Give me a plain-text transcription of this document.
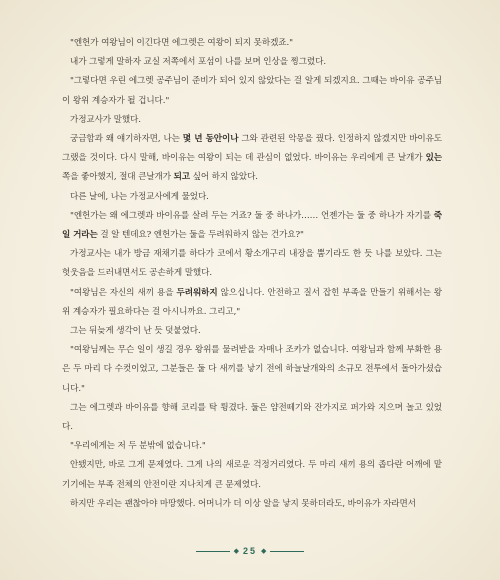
"엔헌가 여왕님이 이긴다면 에그렛은 여왕이 되지 못하겠죠."

내가 그렇게 말하자 교실 저쪽에서 포섬이 나를 보며 인상을 찡그렸다.

"그렇다면 우린 에그렛 공주님이 준비가 되어 있지 않았다는 걸 알게 되겠지요. 그때는 바이유 공주님이 왕위 계승자가 될 겁니다."

가정교사가 말했다.

궁금함과 왜 얘기하자면, 나는 몇 년 동안이나 그와 관련된 악몽을 꿨다. 인정하지 않겠지만 바이유도 그랬을 것이다. 다시 말해, 바이유는 여왕이 되는 데 관심이 없었다. 바이유는 우리에게 큰 날개가 있는 쪽을 좋아했지, 절대 큰날개가 되고 싶어 하지 않았다.

다른 날에, 나는 가정교사에게 물었다.

"엔헌가는 왜 에그렛과 바이유를 살려 두는 거죠? 둘 중 하나가…… 언젠가는 둘 중 하나가 자기를 죽일 거라는 걸 알 텐데요? 엔헌가는 둘을 두려워하지 않는 건가요?"

가정교사는 내가 방금 재채기를 하다가 코에서 황소개구리 내장을 뿜기라도 한 듯 나를 보았다. 그는 헛웃음을 드러내면서도 공손하게 말했다.

"여왕님은 자신의 새끼 용을 두려워하지 않으십니다. 안전하고 질서 잡힌 부족을 만들기 위해서는 왕위 계승자가 필요하다는 걸 아시니까요. 그리고,"

그는 뒤늦게 생각이 난 듯 덧붙였다.

"여왕님께는 무슨 일이 생길 경우 왕위를 물려받을 자매나 조카가 없습니다. 여왕님과 함께 부화한 용은 두 마리 다 수컷이었고, 그분들은 둘 다 새끼를 낳기 전에 하늘날개와의 소규모 전투에서 돌아가셨습니다."

그는 에그렛과 바이유를 향해 코리를 탁 튕겼다. 둘은 얌전떼기와 잔가지로 퍼가와 지으며 놀고 있었다.

"우리에게는 저 두 분밖에 없습니다."

안됐지만, 바로 그게 문제였다. 그게 나의 새로운 걱정거리였다. 두 마리 새끼 용의 좁다란 어깨에 맡기기에는 부족 전체의 안전이란 지나치게 큰 문제였다.

하지만 우리는 괜찮아야 마땅했다. 어머니가 더 이상 알을 낳지 못하더라도, 바이유가 자라면서

◆ 25 ◆
